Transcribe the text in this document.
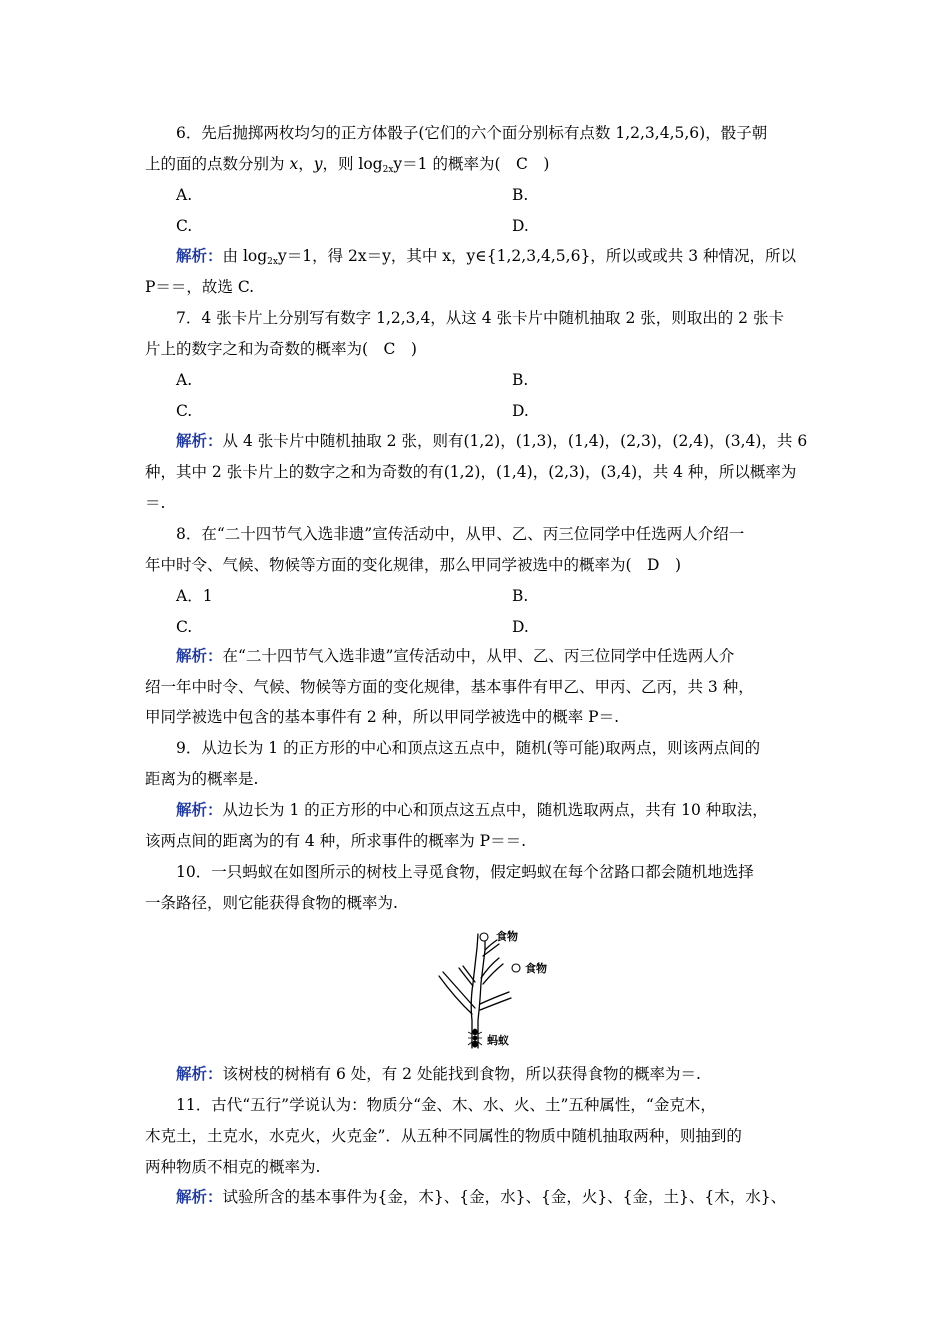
6．先后抛掷两枚均匀的正方体骰子(它们的六个面分别标有点数 1,2,3,4,5,6)，骰子朝
上的面的点数分别为 x，y，则 $\log_{2x}y=1$ 的概率为(　C　)
A.	B.
C.	D.
解析：由 $\log_{2x}y=1$，得 2x＝y，其中 x，y∈{1,2,3,4,5,6}，所以或或共 3 种情况，所以
P＝＝，故选 C.
7．4 张卡片上分别写有数字 1,2,3,4，从这 4 张卡片中随机抽取 2 张，则取出的 2 张卡
片上的数字之和为奇数的概率为(　C　)
A.	B.
C.	D.
解析：从 4 张卡片中随机抽取 2 张，则有(1,2)，(1,3)，(1,4)，(2,3)，(2,4)，(3,4)，共 6
种，其中 2 张卡片上的数字之和为奇数的有(1,2)，(1,4)，(2,3)，(3,4)，共 4 种，所以概率为
＝.
8．在“二十四节气入选非遗”宣传活动中，从甲、乙、丙三位同学中任选两人介绍一
年中时令、气候、物候等方面的变化规律，那么甲同学被选中的概率为(　D　)
A．1	B.
C.	D.
解析：在“二十四节气入选非遗”宣传活动中，从甲、乙、丙三位同学中任选两人介
绍一年中时令、气候、物候等方面的变化规律，基本事件有甲乙、甲丙、乙丙，共 3 种，
甲同学被选中包含的基本事件有 2 种，所以甲同学被选中的概率 P＝.
9．从边长为 1 的正方形的中心和顶点这五点中，随机(等可能)取两点，则该两点间的
距离为的概率是.
解析：从边长为 1 的正方形的中心和顶点这五点中，随机选取两点，共有 10 种取法，
该两点间的距离为的有 4 种，所求事件的概率为 P＝＝.
10．一只蚂蚁在如图所示的树枝上寻觅食物，假定蚂蚁在每个岔路口都会随机地选择
一条路径，则它能获得食物的概率为.
食物
食物
蚂蚁
解析：该树枝的树梢有 6 处，有 2 处能找到食物，所以获得食物的概率为＝.
11．古代“五行”学说认为：物质分“金、木、水、火、土”五种属性，“金克木，
木克土，土克水，水克火，火克金”．从五种不同属性的物质中随机抽取两种，则抽到的
两种物质不相克的概率为.
解析：试验所含的基本事件为{金，木}、{金，水}、{金，火}、{金，土}、{木，水}、
